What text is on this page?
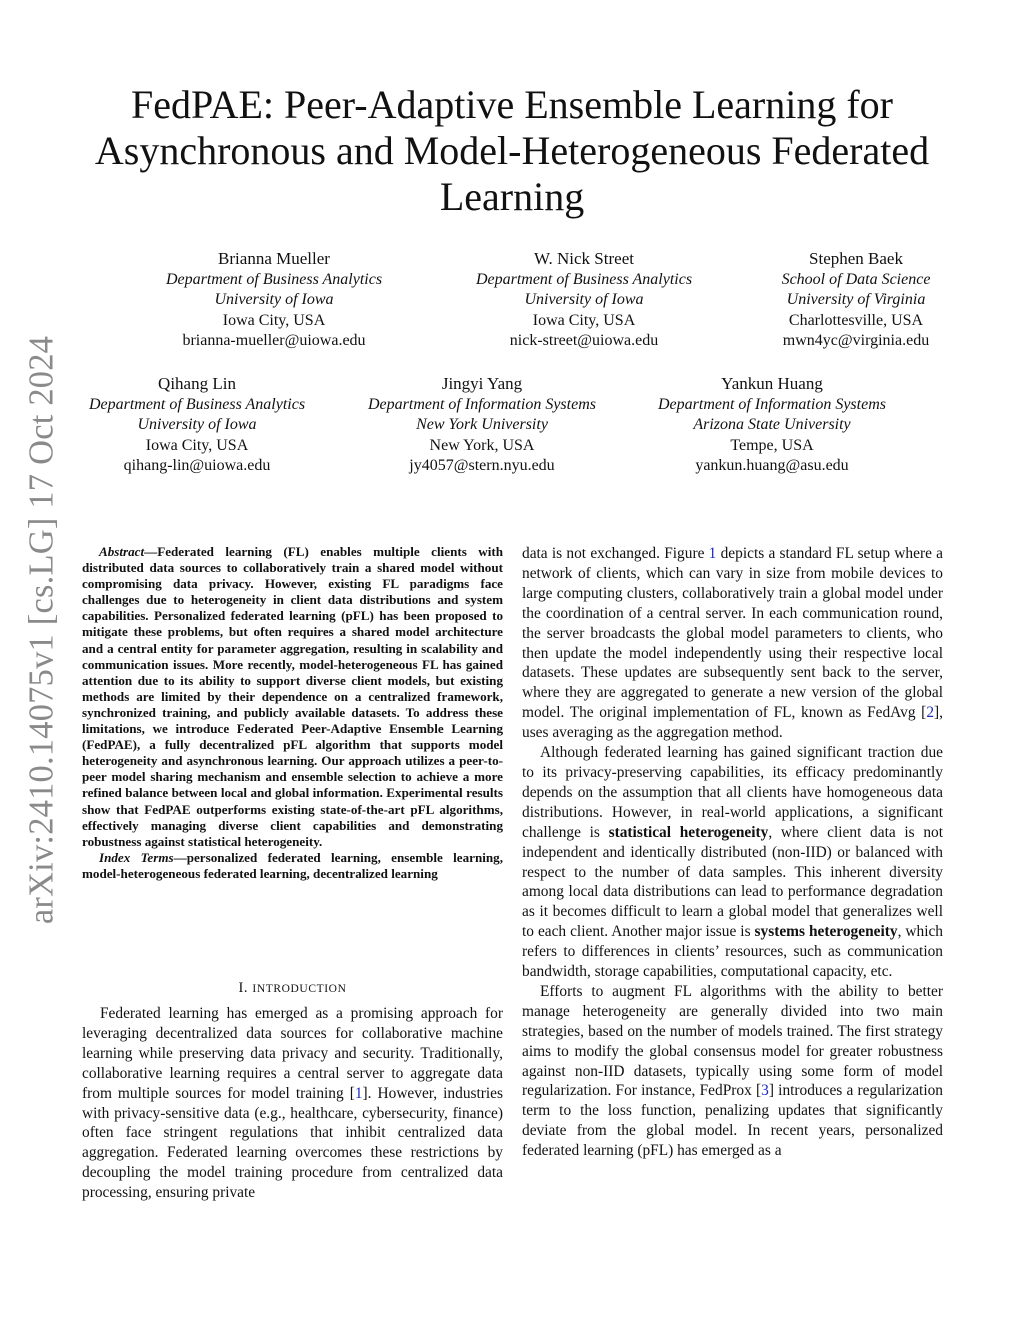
arXiv:2410.14075v1 [cs.LG] 17 Oct 2024
FedPAE: Peer-Adaptive Ensemble Learning for Asynchronous and Model-Heterogeneous Federated Learning
Brianna Mueller
Department of Business Analytics
University of Iowa
Iowa City, USA
brianna-mueller@uiowa.edu
W. Nick Street
Department of Business Analytics
University of Iowa
Iowa City, USA
nick-street@uiowa.edu
Stephen Baek
School of Data Science
University of Virginia
Charlottesville, USA
mwn4yc@virginia.edu
Qihang Lin
Department of Business Analytics
University of Iowa
Iowa City, USA
qihang-lin@uiowa.edu
Jingyi Yang
Department of Information Systems
New York University
New York, USA
jy4057@stern.nyu.edu
Yankun Huang
Department of Information Systems
Arizona State University
Tempe, USA
yankun.huang@asu.edu

Abstract—Federated learning (FL) enables multiple clients with distributed data sources to collaboratively train a shared model without compromising data privacy. However, existing FL paradigms face challenges due to heterogeneity in client data distributions and system capabilities. Personalized federated learning (pFL) has been proposed to mitigate these problems, but often requires a shared model architecture and a central entity for parameter aggregation, resulting in scalability and communication issues. More recently, model-heterogeneous FL has gained attention due to its ability to support diverse client models, but existing methods are limited by their dependence on a centralized framework, synchronized training, and publicly available datasets. To address these limitations, we introduce Federated Peer-Adaptive Ensemble Learning (FedPAE), a fully decentralized pFL algorithm that supports model heterogeneity and asynchronous learning. Our approach utilizes a peer-to-peer model sharing mechanism and ensemble selection to achieve a more refined balance between local and global information. Experimental results show that FedPAE outperforms existing state-of-the-art pFL algorithms, effectively managing diverse client capabilities and demonstrating robustness against statistical heterogeneity.

Index Terms—personalized federated learning, ensemble learning, model-heterogeneous federated learning, decentralized learning

I. INTRODUCTION

Federated learning has emerged as a promising approach for leveraging decentralized data sources for collaborative machine learning while preserving data privacy and security. Traditionally, collaborative learning requires a central server to aggregate data from multiple sources for model training [1]. However, industries with privacy-sensitive data (e.g., healthcare, cybersecurity, finance) often face stringent regulations that inhibit centralized data aggregation. Federated learning overcomes these restrictions by decoupling the model training procedure from centralized data processing, ensuring private

data is not exchanged. Figure 1 depicts a standard FL setup where a network of clients, which can vary in size from mobile devices to large computing clusters, collaboratively train a global model under the coordination of a central server. In each communication round, the server broadcasts the global model parameters to clients, who then update the model independently using their respective local datasets. These updates are subsequently sent back to the server, where they are aggregated to generate a new version of the global model. The original implementation of FL, known as FedAvg [2], uses averaging as the aggregation method.

Although federated learning has gained significant traction due to its privacy-preserving capabilities, its efficacy predominantly depends on the assumption that all clients have homogeneous data distributions. However, in real-world applications, a significant challenge is statistical heterogeneity, where client data is not independent and identically distributed (non-IID) or balanced with respect to the number of data samples. This inherent diversity among local data distributions can lead to performance degradation as it becomes difficult to learn a global model that generalizes well to each client. Another major issue is systems heterogeneity, which refers to differences in clients’ resources, such as communication bandwidth, storage capabilities, computational capacity, etc.

Efforts to augment FL algorithms with the ability to better manage heterogeneity are generally divided into two main strategies, based on the number of models trained. The first strategy aims to modify the global consensus model for greater robustness against non-IID datasets, typically using some form of model regularization. For instance, FedProx [3] introduces a regularization term to the loss function, penalizing updates that significantly deviate from the global model. In recent years, personalized federated learning (pFL) has emerged as a
